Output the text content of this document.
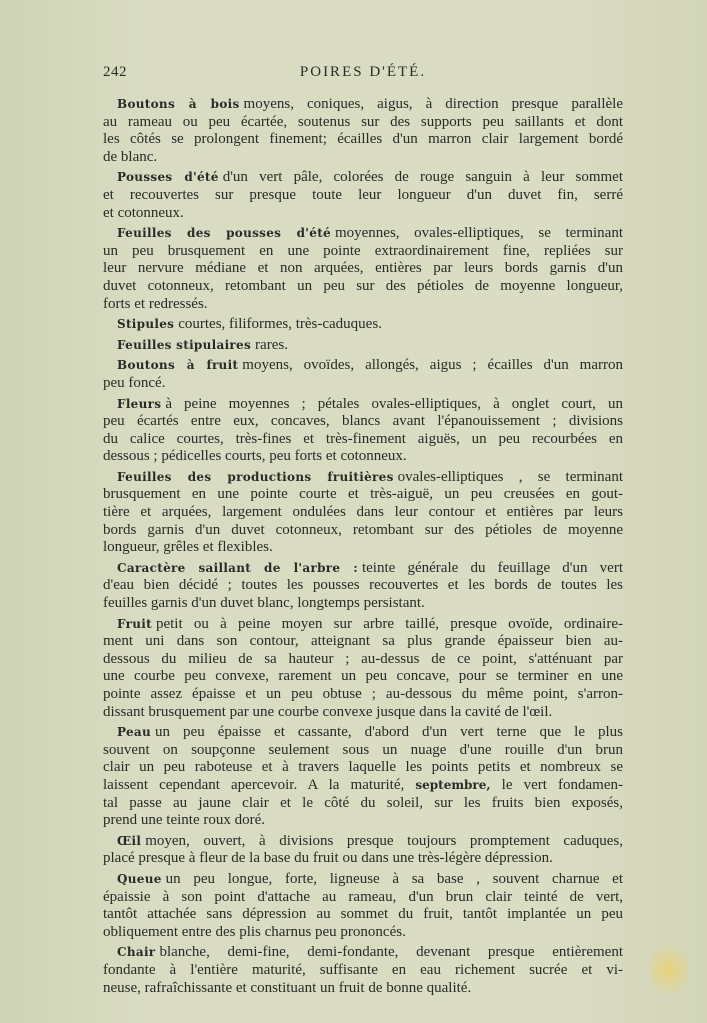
242	POIRES D'ÉTÉ.
Boutons à bois moyens, coniques, aigus, à direction presque parallèle
au rameau ou peu écartée, soutenus sur des supports peu saillants et dont
les côtés se prolongent finement; écailles d'un marron clair largement bordé
de blanc.
Pousses d'été d'un vert pâle, colorées de rouge sanguin à leur sommet
et recouvertes sur presque toute leur longueur d'un duvet fin, serré
et cotonneux.
Feuilles des pousses d'été moyennes, ovales-elliptiques, se terminant
un peu brusquement en une pointe extraordinairement fine, repliées sur
leur nervure médiane et non arquées, entières par leurs bords garnis d'un
duvet cotonneux, retombant un peu sur des pétioles de moyenne longueur,
forts et redressés.
Stipules courtes, filiformes, très-caduques.
Feuilles stipulaires rares.
Boutons à fruit moyens, ovoïdes, allongés, aigus ; écailles d'un marron
peu foncé.
Fleurs à peine moyennes ; pétales ovales-elliptiques, à onglet court, un
peu écartés entre eux, concaves, blancs avant l'épanouissement ; divisions
du calice courtes, très-fines et très-finement aiguës, un peu recourbées en
dessous ; pédicelles courts, peu forts et cotonneux.
Feuilles des productions fruitières ovales-elliptiques , se terminant
brusquement en une pointe courte et très-aiguë, un peu creusées en gout-
tière et arquées, largement ondulées dans leur contour et entières par leurs
bords garnis d'un duvet cotonneux, retombant sur des pétioles de moyenne
longueur, grêles et flexibles.
Caractère saillant de l'arbre : teinte générale du feuillage d'un vert
d'eau bien décidé ; toutes les pousses recouvertes et les bords de toutes les
feuilles garnis d'un duvet blanc, longtemps persistant.
Fruit petit ou à peine moyen sur arbre taillé, presque ovoïde, ordinaire-
ment uni dans son contour, atteignant sa plus grande épaisseur bien au-
dessous du milieu de sa hauteur ; au-dessus de ce point, s'atténuant par
une courbe peu convexe, rarement un peu concave, pour se terminer en une
pointe assez épaisse et un peu obtuse ; au-dessous du même point, s'arron-
dissant brusquement par une courbe convexe jusque dans la cavité de l'œil.
Peau un peu épaisse et cassante, d'abord d'un vert terne que le plus
souvent on soupçonne seulement sous un nuage d'une rouille d'un brun
clair un peu raboteuse et à travers laquelle les points petits et nombreux se
laissent cependant apercevoir. A la maturité, septembre, le vert fondamen-
tal passe au jaune clair et le côté du soleil, sur les fruits bien exposés,
prend une teinte roux doré.
Œil moyen, ouvert, à divisions presque toujours promptement caduques,
placé presque à fleur de la base du fruit ou dans une très-légère dépression.
Queue un peu longue, forte, ligneuse à sa base , souvent charnue et
épaissie à son point d'attache au rameau, d'un brun clair teinté de vert,
tantôt attachée sans dépression au sommet du fruit, tantôt implantée un peu
obliquement entre des plis charnus peu prononcés.
Chair blanche, demi-fine, demi-fondante, devenant presque entièrement
fondante à l'entière maturité, suffisante en eau richement sucrée et vi-
neuse, rafraîchissante et constituant un fruit de bonne qualité.
